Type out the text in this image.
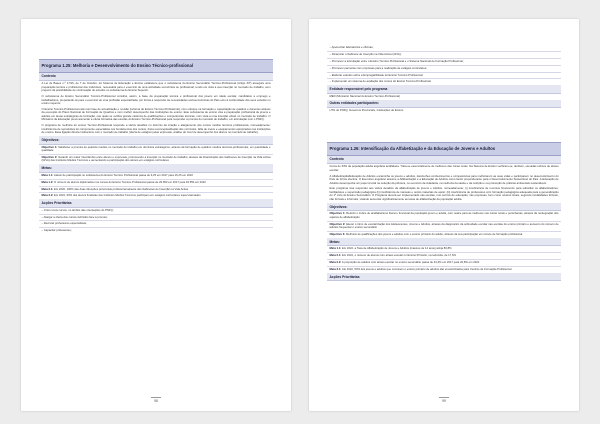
Programa 1.25: Melhoria e Desenvolvimento do Ensino Técnico-profissional
Contexto
A Lei de Bases n.º 17/16, de 7 de Outubro, do Sistema de Educação e Ensino estabelece que o subsistema do Ensino Secundário Técnico-Profissional (Artigo 34º) assegura uma preparação técnica e profissional dos indivíduos, necessária para o exercício de uma actividade económica ou profissional, tendo em vista a sua inserção no mercado de trabalho, sem prejuízo da possibilidade de continuação de estudos no subsistema de Ensino Superior.
O subsistema de Ensino Secundário Técnico-Profissional constitui, assim, a base da preparação técnica e profissional dos jovens em idade escolar, candidatos a emprego e trabalhadores, preparando-os para o exercício de uma profissão especializada, por forma a responder às necessidades socioeconómicas do País e/ou à continuidade dos seus estudos no ensino superior.
O Ensino Técnico-Profissional está num fase de actualização e revisão (reforma do Ensino Técnico-Profissional), com enfoque na formação e capacitação de quadros e docentes através da execução do Plano Nacional de Formação de Quadros e num melhor desempenho das instituições de ensino. Este subsistema de ensino visa a preparação profissional de jovens e adultos em áreas estratégicas de formação, nas quais se verifica grande carência de qualificações e competências técnicas, com vista a uma inserção eficaz no mercado de trabalho. O Ministério da Educação prevê aumentar a oferta formativa das escolas do Ensino Técnico-Profissional para responder à procura do mercado de trabalho, em articulação com o PNFQ.
O programa de melhoria do ensino Técnico-Profissional responde a vários desafios no domínio da criação e alargamento dos cursos médios técnicos profissionais, nomeadamente: insuficiência de reprodutiva do componente especialista nos fundamentos dos cursos, fraca reconceptualização dos currículos, falta de meios e equipamentos apropriados nas instituições de ensino. Essa ligação directa institucions com o mercado de trabalho (oferta de estágios pelas empresas, análise do nível de desempenho dos alunos no mercado de trabalho).
Objectivos:
Objectivo 1: Satisfazer a procura de quadros médios no mercado de trabalho em domínios estratégicos, através da formação de quadros médios técnicos-profissionais, em quantidade e qualidade
Objectivo 2: Garantir um maior intercâmbio entre alunos e empresas, promovendo a inserção no mercado de trabalho, através da dinamização dos Gabinetes de Inserção na Vida Activa (GIVA) das Institutos Médios Técnicos e aumentando a participação dos alunos em estágios curriculares
Metas:
Meta 1.1: Atacar de participação no subsistema do Ensino Técnico Profissional passa de 9,25 em 2017 para 16,25 em 2022
Meta 1.2: O número de alunos diplomados nos cursos do Ensino Técnico-Profissional passa de 29.650 em 2017 para 46.550 em 2022
Meta 2.1: Em 2020, 100% das duas direcções provinciais profissional através dos Gabinetes de Inserção na Vida Activa
Meta 2.2: Em 2022, 60% dos alunos finalistas dos Institutos Médios Técnicos participam em estágios curriculares supervisionados
Acções Prioritárias
– Criar novos cursos, no âmbito das orientações do PNFQ;
– Alargar a oferta dos cursos definidos face à procura;
– Recrutar professores especialistas;
– Capacitar professores;
98
– Apetrechar laboratórios e oficinas;
– Dinamizar o Gabinete de Inserção na Vida Activa (GIVA);
– Promover a articulação entre o Ensino Técnico-Profissional e o Sistema Nacional de Formação Profissional;
– Promover parcerias com empresas para a realização de estágios curriculares;
– Elaborar estudos sobre a Empregabilidade do Ensino Técnico-Profissional;
– Implementar um sistema de avaliação dos cursos do Ensino Técnico-Profissional.
Entidade responsável pelo programa
MED (Ministério Nacional do Ensino Técnico-Profissional)
Outras entidades participantes:
UTG do PNFQ, Governos Provinciais, Instituições de Ensino
Programa 1.26: Intensificação da Alfabetização e da Educação de Jovens e Adultos
Contexto
Cerca de 33% da população adulta angolana analfabeta. Trata-se essencialmente de mulheres das zonas rurais. Na Sistema de Ensino verificam-se, também, elevadas índices de atraso escolar.
A Alfabetização/Educação de Adultos encaminha os jovens e adultos, dando-lhes conhecimentos e competências para melhorarem as suas vidas e participarem no desenvolvimento do País de forma efectiva. O Executivo angolano assume a Alfabetização e a Educação de Adultos como factor preponderante para o Desenvolvimento Sustentável do País. A Educação de Adultos desempenha um papel crucial na redução da pobreza, no exercício da cidadania, na melhoria da saúde e da nutrição e na promoção de práticas ambientais sustentáveis.
Este programa visa responder aos vários desafios da alfabetização de jovens e Adultos, nomeadamente: (i) insuficiência de recursos financeiros para subsidiar os alfabetizadores, facilitadores e supervisão pedagógica (ii) insuficiência de manuais e outros materiais de apoio; (iii) insuficiência de professores com formação pedagógica adequada para a generalização do 1º ciclo do Ensino Secundário. O Programa deverá ser implementado nas escolas, nos centros de educação, nas empresas, bem como noutros locais, segundo modalidades formais, não formais e informais, visando aumentar significativamente as taxas de alfabetização da população adulta.
Objectivos:
Objectivo 1: Reduzir o índice de analfabetismo literal e funcional da população jovem e adulta, com realce para as mulheres nas zonas rurais e periurbanas, através da reintegração dos sujeitos de alfabetização
Objectivo 2: Elevar o ritmo de escolarização dos Adolescentes, Jovens e Adultos, através da diagnostico da sobreidade escolar nas escolas do ensino primário e aumento do número de adultos frequentar o ensino secundário
Objectivo 3: Melhorar as qualificações dos jovens e adultos com o ensino primário do adulto, através da sua participação em cursos de formação profissional
Metas:
Meta 1.1: Em 2022, a Taxa de Alfabetização de Jovens e Adultos (maiores de 14 anos) atinja 80,8%
Meta 2.1: Em 2022, o número de alunos com atraso escolar no Ensino Primário, na reduzida, de 17,6%
Meta 2.2: A proporção de adultos com atraso escolar no ensino secundário passa de 43,4% em 2017 para 20,8% em 2022
Meta 3.1: Até 2022, 50% dos jovens e adultos que concluem o ensino primário de adultos são encaminhados para Centros de Formação Profissional
Acções Prioritárias
99
